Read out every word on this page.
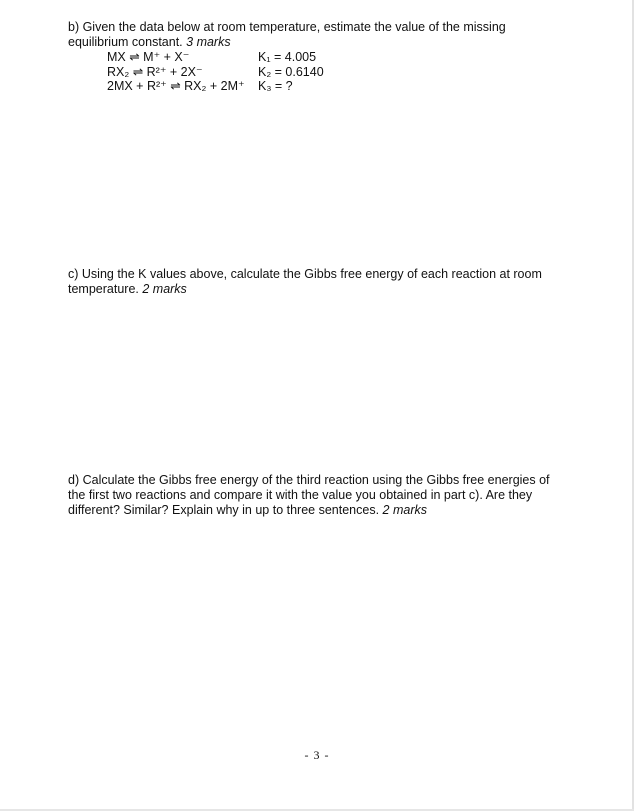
b) Given the data below at room temperature, estimate the value of the missing equilibrium constant. 3 marks
MX ⇌ M⁺ + X⁻	K₁ = 4.005
RX₂ ⇌ R²⁺ + 2X⁻	K₂ = 0.6140
2MX + R²⁺ ⇌ RX₂ + 2M⁺ K₃ = ?
c) Using the K values above, calculate the Gibbs free energy of each reaction at room temperature. 2 marks
d) Calculate the Gibbs free energy of the third reaction using the Gibbs free energies of the first two reactions and compare it with the value you obtained in part c). Are they different? Similar? Explain why in up to three sentences. 2 marks
- 3 -
